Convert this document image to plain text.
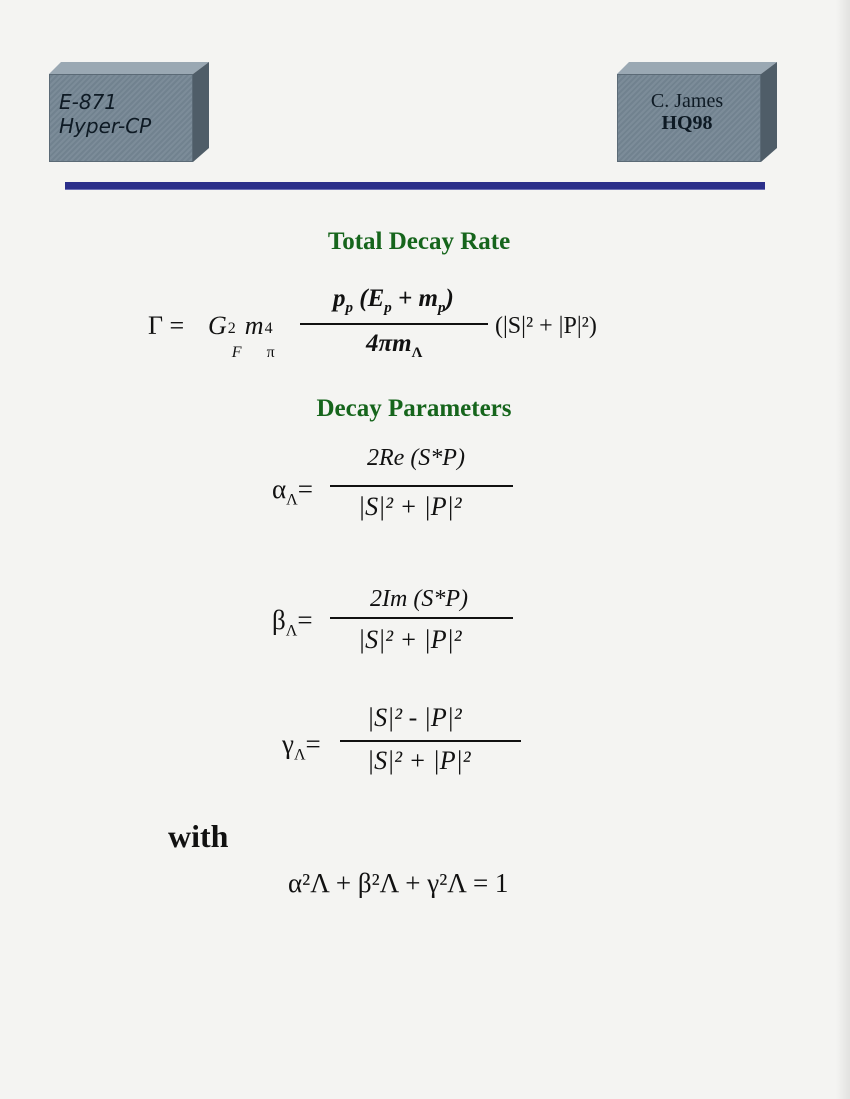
E-871
Hyper-CP
C. James
HQ98
Total Decay Rate
Γ = G 2
F
m 4
π
$p_p$ $(E_p + m_p)$
$4\pi m_\Lambda$
(|S|² + |P|²)
Decay Parameters
$\alpha_\Lambda=$
2Re (S*P)
|S|² + |P|²
$\beta_\Lambda=$
2Im (S*P)
|S|² + |P|²
$\gamma_\Lambda=$
|S|² - |P|²
|S|² + |P|²
with
α²Λ + β²Λ + γ²Λ = 1
